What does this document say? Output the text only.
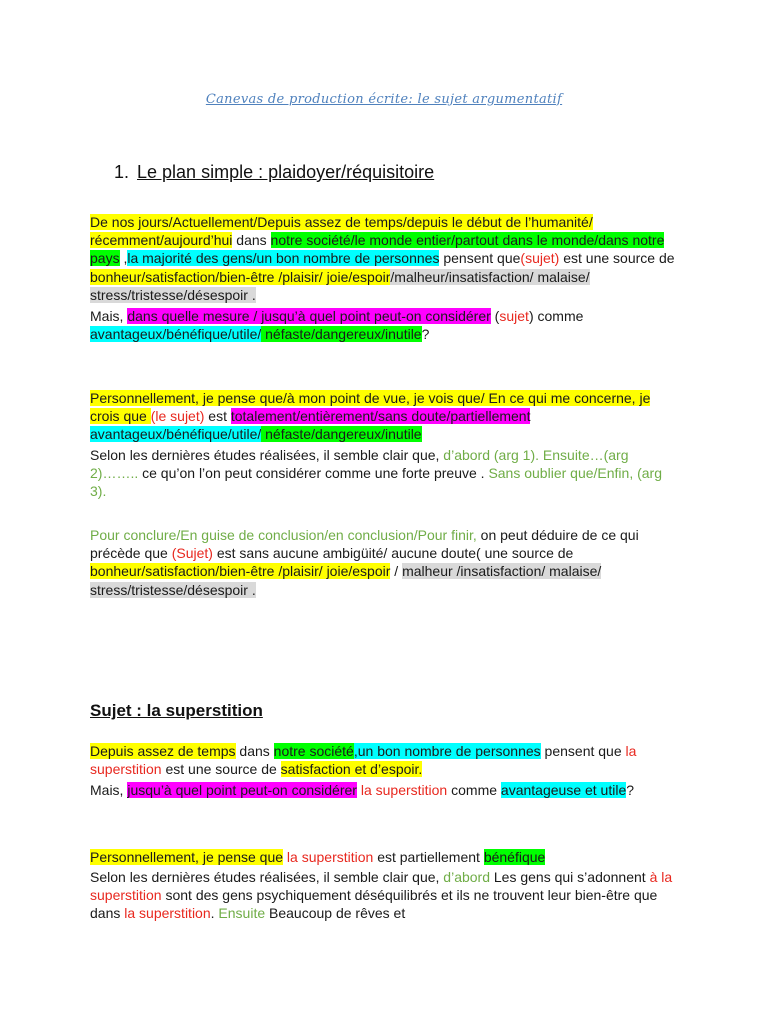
Canevas de production écrite: le sujet argumentatif
1. Le plan simple : plaidoyer/réquisitoire
De nos jours/Actuellement/Depuis assez de temps/depuis le début de l’humanité/ récemment/aujourd’hui dans notre société/le monde entier/partout dans le monde/dans notre pays ,la majorité des gens/un bon nombre de personnes pensent que(sujet) est une source de bonheur/satisfaction/bien-être /plaisir/ joie/espoir/malheur/insatisfaction/ malaise/ stress/tristesse/désespoir .
Mais, dans quelle mesure / jusqu’à quel point peut-on considérer (sujet) comme avantageux/bénéfique/utile/ néfaste/dangereux/inutile?
Personnellement, je pense que/à mon point de vue, je vois que/ En ce qui me concerne, je crois que (le sujet) est totalement/entièrement/sans doute/partiellement avantageux/bénéfique/utile/ néfaste/dangereux/inutile
Selon les dernières études réalisées, il semble clair que, d’abord (arg 1). Ensuite…(arg 2)…….. ce qu’on l’on peut considérer comme une forte preuve . Sans oublier que/Enfin, (arg 3).
Pour conclure/En guise de conclusion/en conclusion/Pour finir, on peut déduire de ce qui précède que (Sujet) est sans aucune ambigüité/ aucune doute( une source de bonheur/satisfaction/bien-être /plaisir/ joie/espoir / malheur /insatisfaction/ malaise/ stress/tristesse/désespoir .
Sujet : la superstition
Depuis assez de temps dans notre société,un bon nombre de personnes pensent que la superstition est une source de satisfaction et d’espoir.
Mais, jusqu’à quel point peut-on considérer la superstition comme avantageuse et utile?
Personnellement, je pense que la superstition est partiellement bénéfique
Selon les dernières études réalisées, il semble clair que, d’abord Les gens qui s’adonnent à la superstition sont des gens psychiquement déséquilibrés et ils ne trouvent leur bien-être que dans la superstition. Ensuite Beaucoup de rêves et
